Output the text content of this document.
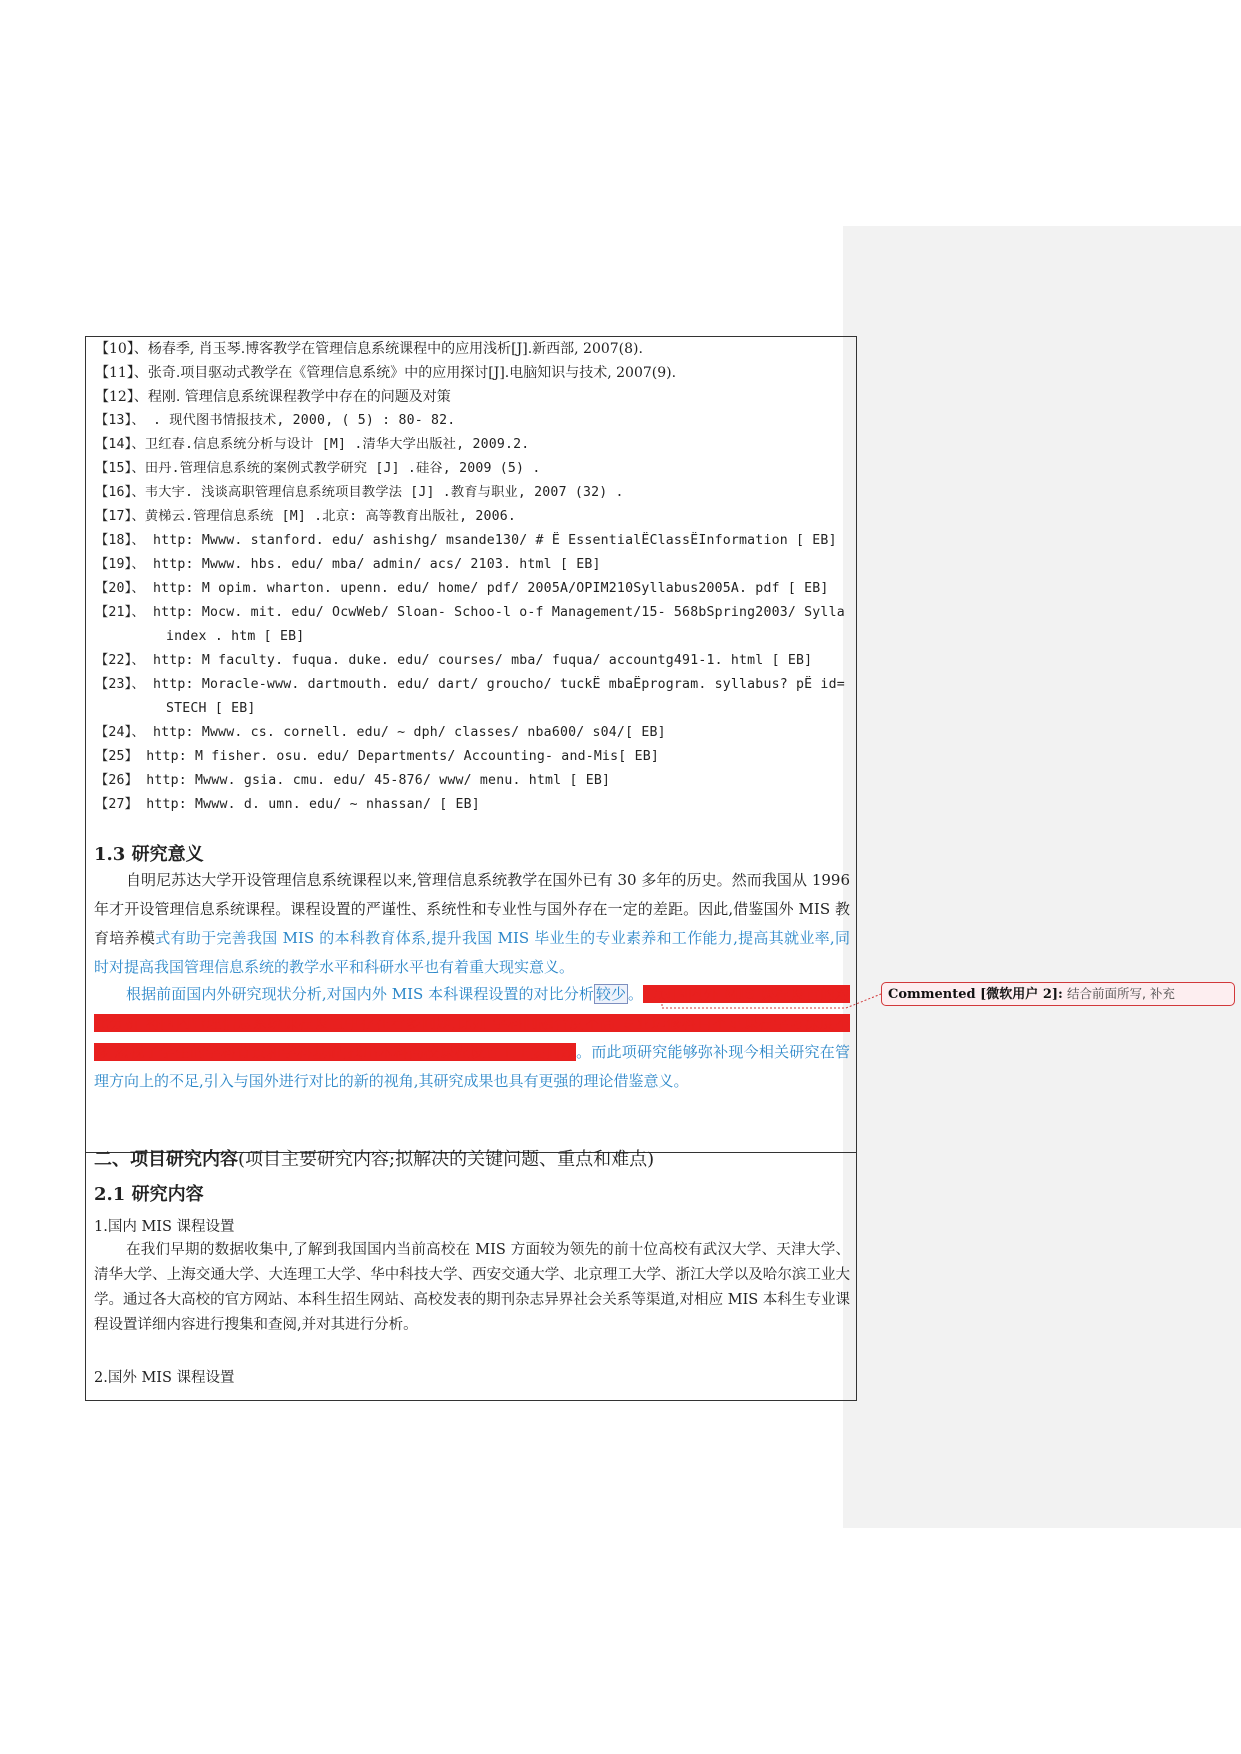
【10】、杨春季, 肖玉琴.博客教学在管理信息系统课程中的应用浅析[J].新西部, 2007(8).
【11】、张奇.项目驱动式教学在《管理信息系统》中的应用探讨[J].电脑知识与技术, 2007(9).
【12】、程刚. 管理信息系统课程教学中存在的问题及对策
【13】、 . 现代图书情报技术, 2000, ( 5) : 80- 82.
【14】、卫红春.信息系统分析与设计 [M] .清华大学出版社, 2009.2.
【15】、田丹.管理信息系统的案例式教学研究 [J] .硅谷, 2009 (5) .
【16】、韦大宇. 浅谈高职管理信息系统项目教学法 [J] .教育与职业, 2007 (32) .
【17】、黄梯云.管理信息系统 [M] .北京: 高等教育出版社, 2006.
【18】、 http: Mwww. stanford. edu/ ashishg/ msande130/ # Ë EssentialËClassËInformation [ EB]
【19】、 http: Mwww. hbs. edu/ mba/ admin/ acs/ 2103. html [ EB]
【20】、 http: M opim. wharton. upenn. edu/ home/ pdf/ 2005A/OPIM210Syllabus2005A. pdf [ EB]
【21】、 http: Mocw. mit. edu/ OcwWeb/ Sloan- Schoo-l o-f Management/15- 568bSpring2003/ Sylla
index . htm [ EB]
【22】、 http: M faculty. fuqua. duke. edu/ courses/ mba/ fuqua/ accountg491-1. html [ EB]
【23】、 http: Moracle-www. dartmouth. edu/ dart/ groucho/ tuckË mbaËprogram. syllabus? pË id=
STECH [ EB]
【24】、 http: Mwww. cs. cornell. edu/ ~ dph/ classes/ nba600/ s04/[ EB]
【25】 http: M fisher. osu. edu/ Departments/ Accounting- and-Mis[ EB]
【26】 http: Mwww. gsia. cmu. edu/ 45-876/ www/ menu. html [ EB]
【27】 http: Mwww. d. umn. edu/ ~ nhassan/ [ EB]
1.3 研究意义
自明尼苏达大学开设管理信息系统课程以来,管理信息系统教学在国外已有 30 多年的历史。然而我国从 1996 年才开设管理信息系统课程。课程设置的严谨性、系统性和专业性与国外存在一定的差距。因此,借鉴国外 MIS 教育培养模式有助于完善我国 MIS 的本科教育体系,提升我国 MIS 毕业生的专业素养和工作能力,提高其就业率,同时对提高我国管理信息系统的教学水平和科研水平也有着重大现实意义。
根据前面国内外研究现状分析,对国内外 MIS 本科课程设置的对比分析 较少 。通过国内外 MIS 课程设置的对比分析,将国内管理信息系统课程设置中存在着多问题,比如,学科间融合度不高,专业选修科目不足课程学习深度不够,忽视了学生的学科背景和学科基础,找出本科高校课程设置上主要问题。而此项研究能够弥补现今相关研究在管理方向上的不足,引入与国外进行对比的新的视角,其研究成果也具有更强的理论借鉴意义。
二、项目研究内容(项目主要研究内容;拟解决的关键问题、重点和难点)
2.1 研究内容
1.国内 MIS 课程设置
在我们早期的数据收集中,了解到我国国内当前高校在 MIS 方面较为领先的前十位高校有武汉大学、天津大学、清华大学、上海交通大学、大连理工大学、华中科技大学、西安交通大学、北京理工大学、浙江大学以及哈尔滨工业大学。通过各大高校的官方网站、本科生招生网站、高校发表的期刊杂志异界社会关系等渠道,对相应 MIS 本科生专业课程设置详细内容进行搜集和查阅,并对其进行分析。
2.国外 MIS 课程设置
Commented [微软用户 2]: 结合前面所写, 补充
